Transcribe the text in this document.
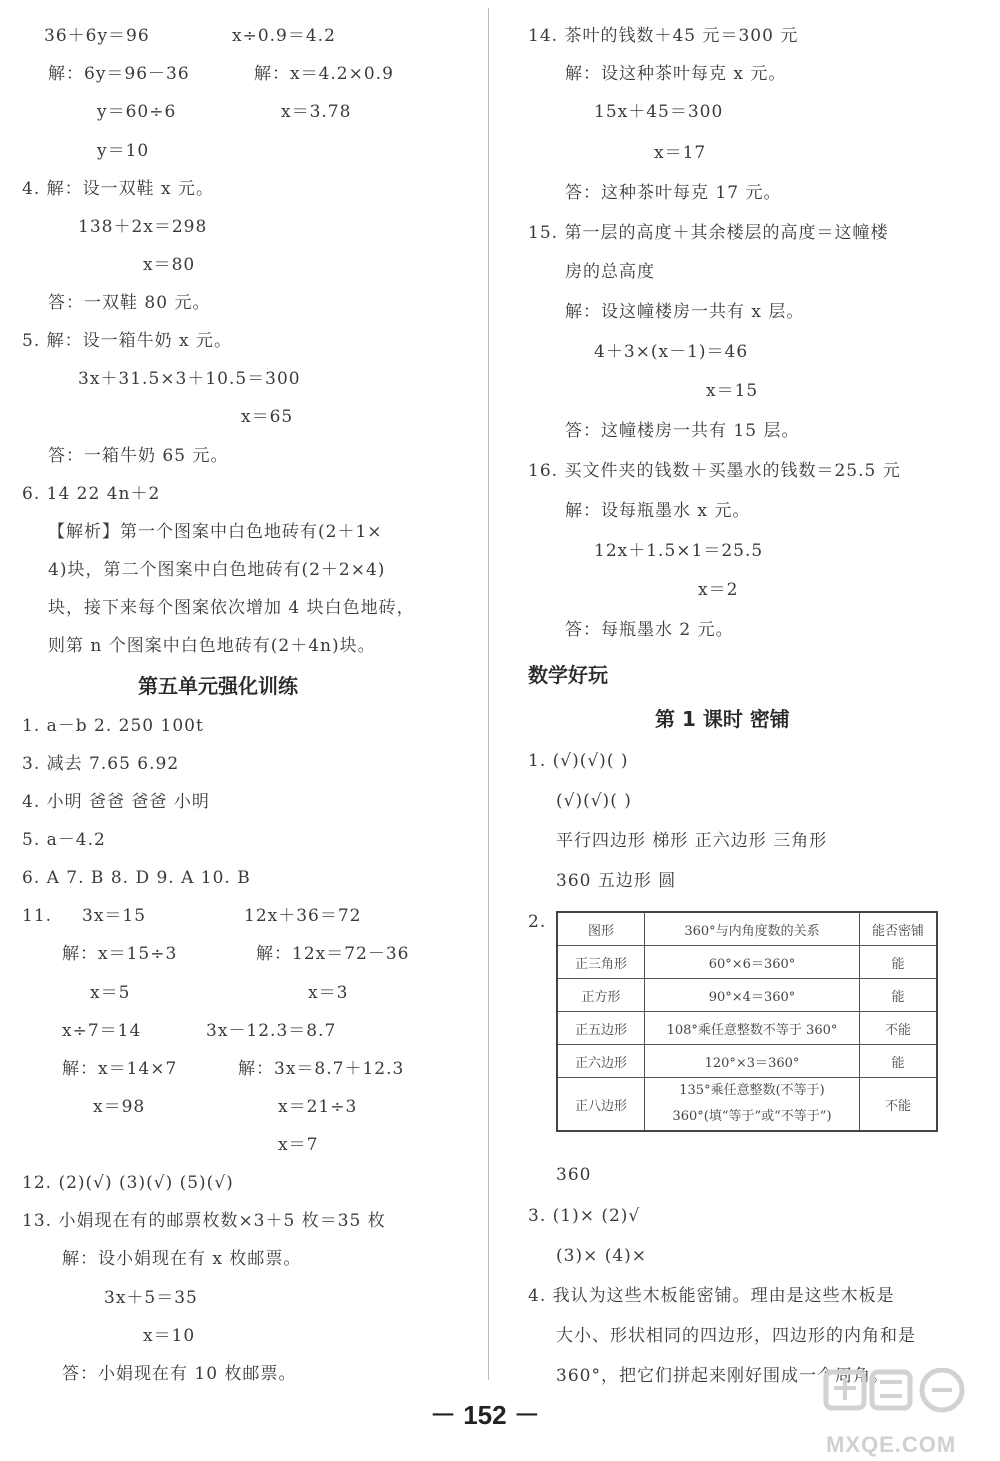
36＋6y＝96	x÷0.9＝4.2
解：6y＝96－36	解：x＝4.2×0.9
y＝60÷6	x＝3.78
y＝10
4. 解：设一双鞋 x 元。
138＋2x＝298
x＝80
答：一双鞋 80 元。
5. 解：设一箱牛奶 x 元。
3x＋31.5×3＋10.5＝300
x＝65
答：一箱牛奶 65 元。
6. 14 22 4n＋2
【解析】第一个图案中白色地砖有(2＋1×
4)块，第二个图案中白色地砖有(2＋2×4)
块，接下来每个图案依次增加 4 块白色地砖，
则第 n 个图案中白色地砖有(2＋4n)块。
第五单元强化训练
1. a－b 2. 250 100t
3. 减去 7.65 6.92
4. 小明 爸爸 爸爸 小明
5. a－4.2
6. A 7. B 8. D 9. A 10. B
11. 3x＝15	12x＋36＝72
解：x＝15÷3	解：12x＝72－36
x＝5	x＝3
x÷7＝14	3x－12.3＝8.7
解：x＝14×7	解：3x＝8.7＋12.3
x＝98	x＝21÷3
x＝7
12. (2)(√) (3)(√) (5)(√)
13. 小娟现在有的邮票枚数×3＋5 枚＝35 枚
解：设小娟现在有 x 枚邮票。
3x＋5＝35
x＝10
答：小娟现在有 10 枚邮票。
14. 茶叶的钱数＋45 元＝300 元
解：设这种茶叶每克 x 元。
15x＋45＝300
x＝17
答：这种茶叶每克 17 元。
15. 第一层的高度＋其余楼层的高度＝这幢楼
房的总高度
解：设这幢楼房一共有 x 层。
4＋3×(x－1)＝46
x＝15
答：这幢楼房一共有 15 层。
16. 买文件夹的钱数＋买墨水的钱数＝25.5 元
解：设每瓶墨水 x 元。
12x＋1.5×1＝25.5
x＝2
答：每瓶墨水 2 元。
数学好玩
第 1 课时 密铺
1. (√)(√)( )
(√)(√)( )
平行四边形 梯形 正六边形 三角形
360 五边形 圆
2.	图形	360°与内角度数的关系	能否密铺
正三角形	60°×6＝360°	能
正方形	90°×4＝360°	能
正五边形	108°乘任意整数不等于 360°	不能
正六边形	120°×3＝360°	能
正八边形	135°乘任意整数(不等于)
360°(填“等于”或“不等于”)	不能
360
3. (1)× (2)√
(3)× (4)×
4. 我认为这些木板能密铺。理由是这些木板是
大小、形状相同的四边形，四边形的内角和是
360°，把它们拼起来刚好围成一个周角。
－ 152 －
MXQE.COM
